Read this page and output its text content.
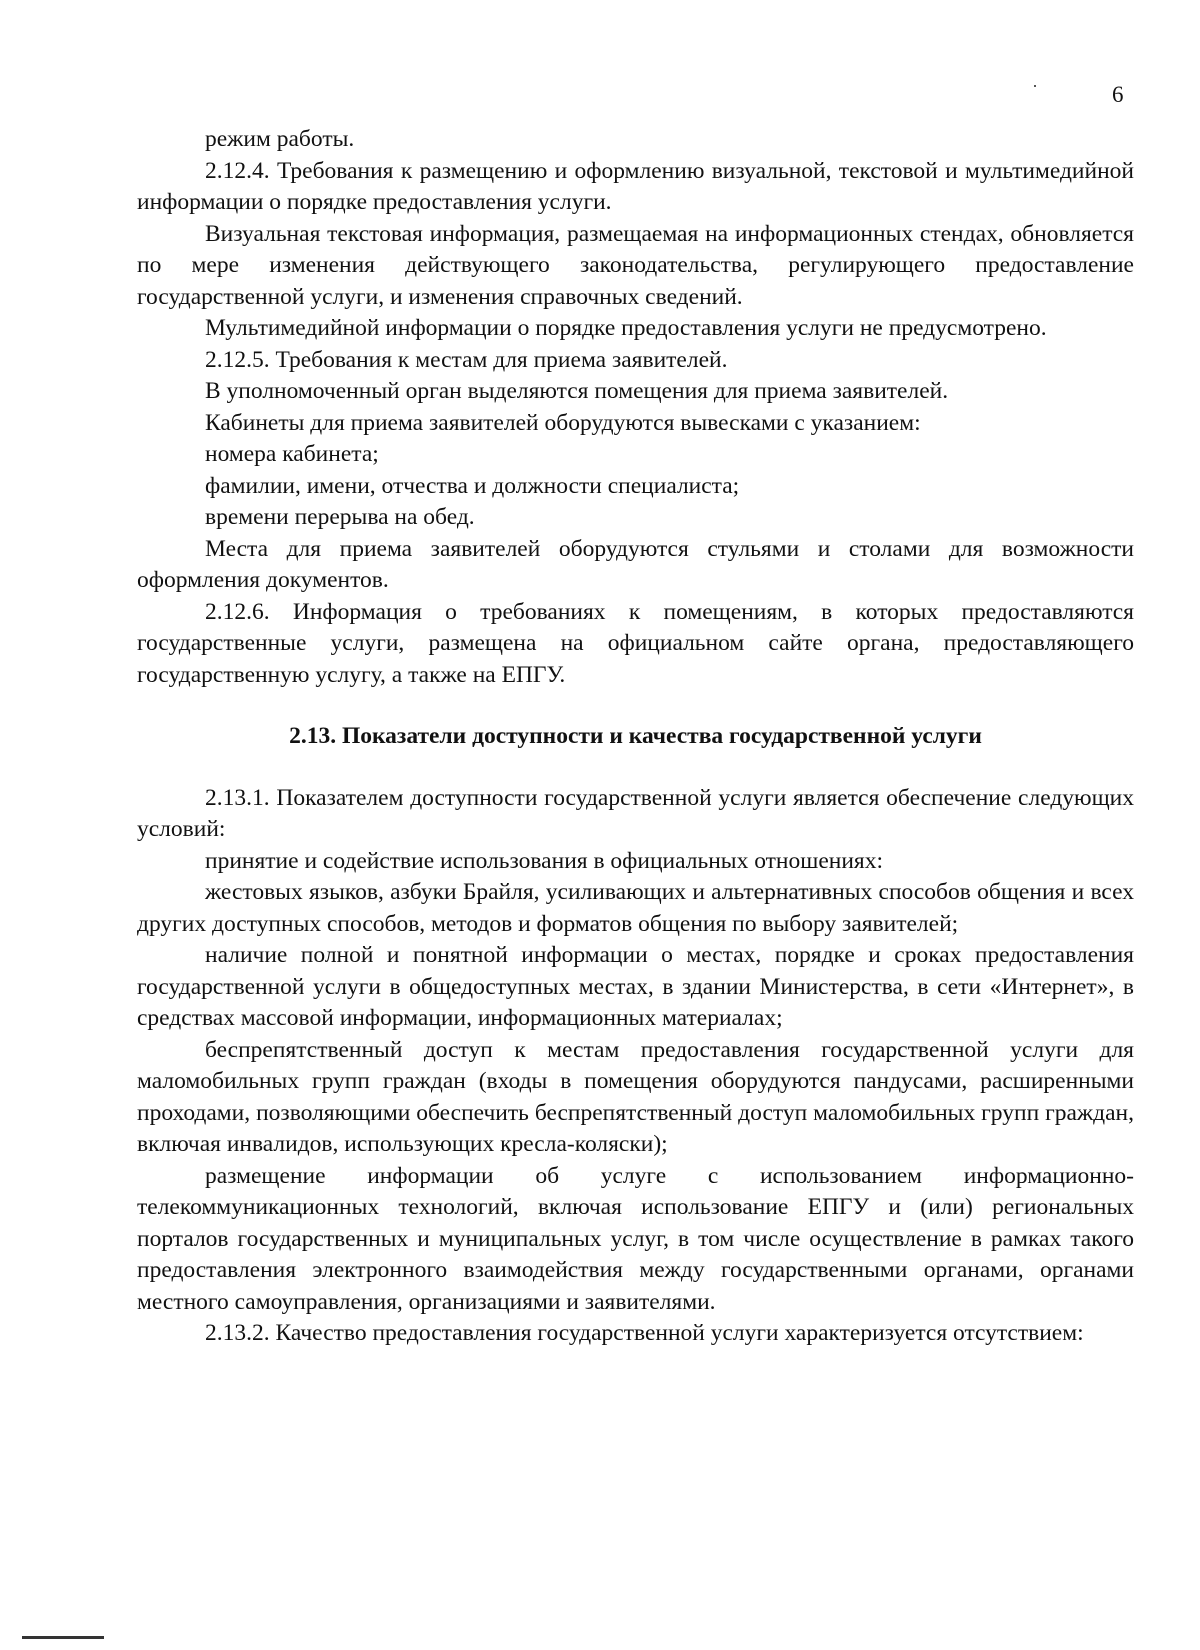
6

режим работы.

2.12.4. Требования к размещению и оформлению визуальной, текстовой и мультимедийной информации о порядке предоставления услуги.

Визуальная текстовая информация, размещаемая на информационных стендах, обновляется по мере изменения действующего законодательства, регулирующего предоставление государственной услуги, и изменения справочных сведений.

Мультимедийной информации о порядке предоставления услуги не предусмотрено.

2.12.5. Требования к местам для приема заявителей.

В уполномоченный орган выделяются помещения для приема заявителей.

Кабинеты для приема заявителей оборудуются вывесками с указанием:

номера кабинета;

фамилии, имени, отчества и должности специалиста;

времени перерыва на обед.

Места для приема заявителей оборудуются стульями и столами для возможности оформления документов.

2.12.6. Информация о требованиях к помещениям, в которых предоставляются государственные услуги, размещена на официальном сайте органа, предоставляющего государственную услугу, а также на ЕПГУ.

2.13. Показатели доступности и качества государственной услуги

2.13.1. Показателем доступности государственной услуги является обеспечение следующих условий:

принятие и содействие использования в официальных отношениях:

жестовых языков, азбуки Брайля, усиливающих и альтернативных способов общения и всех других доступных способов, методов и форматов общения по выбору заявителей;

наличие полной и понятной информации о местах, порядке и сроках предоставления государственной услуги в общедоступных местах, в здании Министерства, в сети «Интернет», в средствах массовой информации, информационных материалах;

беспрепятственный доступ к местам предоставления государственной услуги для маломобильных групп граждан (входы в помещения оборудуются пандусами, расширенными проходами, позволяющими обеспечить беспрепятственный доступ маломобильных групп граждан, включая инвалидов, использующих кресла-коляски);

размещение информации об услуге с использованием информационно-телекоммуникационных технологий, включая использование ЕПГУ и (или) региональных порталов государственных и муниципальных услуг, в том числе осуществление в рамках такого предоставления электронного взаимодействия между государственными органами, органами местного самоуправления, организациями и заявителями.

2.13.2. Качество предоставления государственной услуги характеризуется отсутствием:
